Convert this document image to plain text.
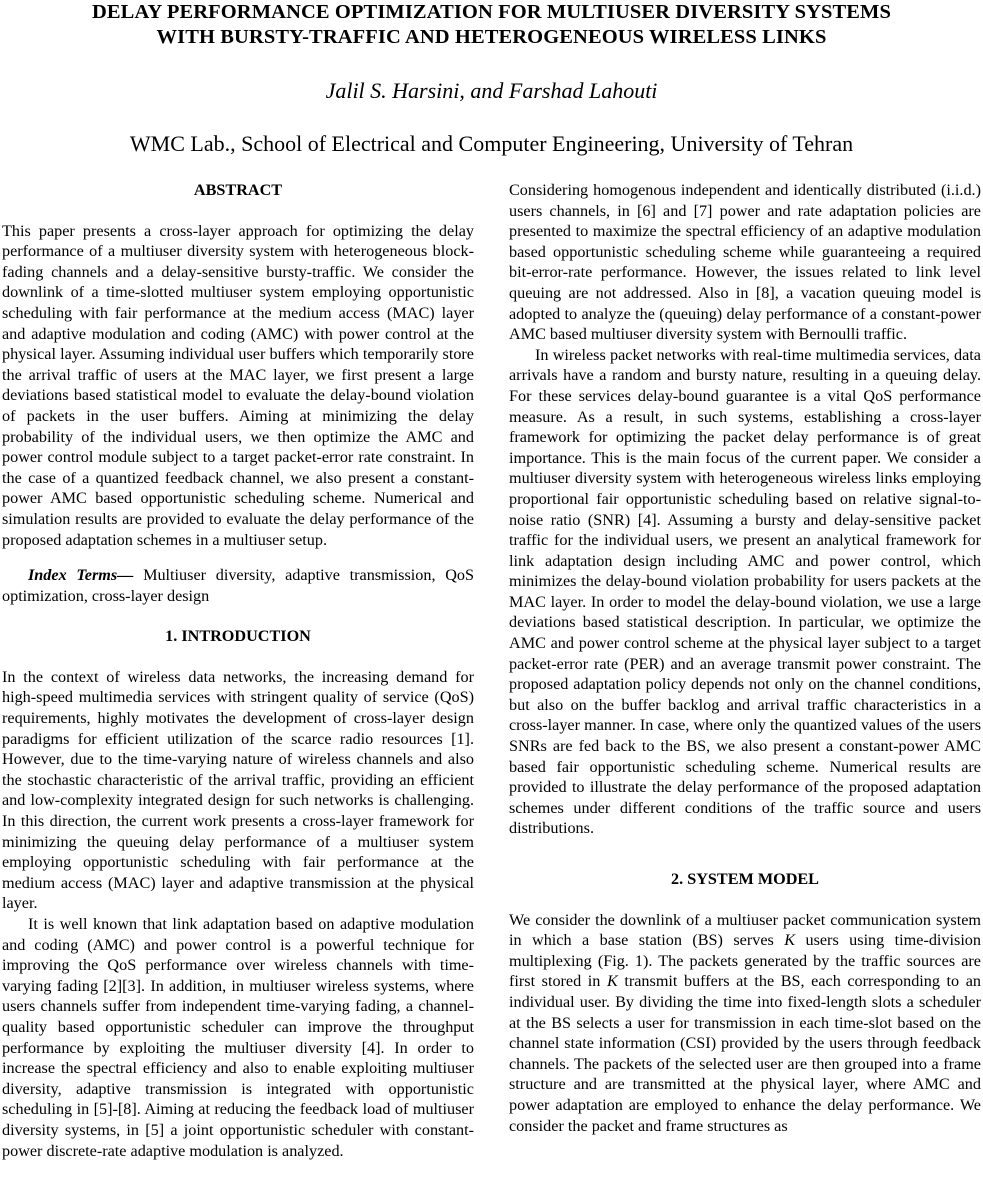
DELAY PERFORMANCE OPTIMIZATION FOR MULTIUSER DIVERSITY SYSTEMS
WITH BURSTY-TRAFFIC AND HETEROGENEOUS WIRELESS LINKS
Jalil S. Harsini, and Farshad Lahouti
WMC Lab., School of Electrical and Computer Engineering, University of Tehran

ABSTRACT

This paper presents a cross-layer approach for optimizing the delay performance of a multiuser diversity system with heterogeneous block-fading channels and a delay-sensitive bursty-traffic. We consider the downlink of a time-slotted multiuser system employing opportunistic scheduling with fair performance at the medium access (MAC) layer and adaptive modulation and coding (AMC) with power control at the physical layer. Assuming individual user buffers which temporarily store the arrival traffic of users at the MAC layer, we first present a large deviations based statistical model to evaluate the delay-bound violation of packets in the user buffers. Aiming at minimizing the delay probability of the individual users, we then optimize the AMC and power control module subject to a target packet-error rate constraint. In the case of a quantized feedback channel, we also present a constant-power AMC based opportunistic scheduling scheme. Numerical and simulation results are provided to evaluate the delay performance of the proposed adaptation schemes in a multiuser setup.

Index Terms— Multiuser diversity, adaptive transmission, QoS optimization, cross-layer design

1. INTRODUCTION

In the context of wireless data networks, the increasing demand for high-speed multimedia services with stringent quality of service (QoS) requirements, highly motivates the development of cross-layer design paradigms for efficient utilization of the scarce radio resources [1]. However, due to the time-varying nature of wireless channels and also the stochastic characteristic of the arrival traffic, providing an efficient and low-complexity integrated design for such networks is challenging. In this direction, the current work presents a cross-layer framework for minimizing the queuing delay performance of a multiuser system employing opportunistic scheduling with fair performance at the medium access (MAC) layer and adaptive transmission at the physical layer.

It is well known that link adaptation based on adaptive modulation and coding (AMC) and power control is a powerful technique for improving the QoS performance over wireless channels with time-varying fading [2][3]. In addition, in multiuser wireless systems, where users channels suffer from independent time-varying fading, a channel-quality based opportunistic scheduler can improve the throughput performance by exploiting the multiuser diversity [4]. In order to increase the spectral efficiency and also to enable exploiting multiuser diversity, adaptive transmission is integrated with opportunistic scheduling in [5]-[8]. Aiming at reducing the feedback load of multiuser diversity systems, in [5] a joint opportunistic scheduler with constant-power discrete-rate adaptive modulation is analyzed.

Considering homogenous independent and identically distributed (i.i.d.) users channels, in [6] and [7] power and rate adaptation policies are presented to maximize the spectral efficiency of an adaptive modulation based opportunistic scheduling scheme while guaranteeing a required bit-error-rate performance. However, the issues related to link level queuing are not addressed. Also in [8], a vacation queuing model is adopted to analyze the (queuing) delay performance of a constant-power AMC based multiuser diversity system with Bernoulli traffic.

In wireless packet networks with real-time multimedia services, data arrivals have a random and bursty nature, resulting in a queuing delay. For these services delay-bound guarantee is a vital QoS performance measure. As a result, in such systems, establishing a cross-layer framework for optimizing the packet delay performance is of great importance. This is the main focus of the current paper. We consider a multiuser diversity system with heterogeneous wireless links employing proportional fair opportunistic scheduling based on relative signal-to-noise ratio (SNR) [4]. Assuming a bursty and delay-sensitive packet traffic for the individual users, we present an analytical framework for link adaptation design including AMC and power control, which minimizes the delay-bound violation probability for users packets at the MAC layer. In order to model the delay-bound violation, we use a large deviations based statistical description. In particular, we optimize the AMC and power control scheme at the physical layer subject to a target packet-error rate (PER) and an average transmit power constraint. The proposed adaptation policy depends not only on the channel conditions, but also on the buffer backlog and arrival traffic characteristics in a cross-layer manner. In case, where only the quantized values of the users SNRs are fed back to the BS, we also present a constant-power AMC based fair opportunistic scheduling scheme. Numerical results are provided to illustrate the delay performance of the proposed adaptation schemes under different conditions of the traffic source and users distributions.

2. SYSTEM MODEL

We consider the downlink of a multiuser packet communication system in which a base station (BS) serves K users using time-division multiplexing (Fig. 1). The packets generated by the traffic sources are first stored in K transmit buffers at the BS, each corresponding to an individual user. By dividing the time into fixed-length slots a scheduler at the BS selects a user for transmission in each time-slot based on the channel state information (CSI) provided by the users through feedback channels. The packets of the selected user are then grouped into a frame structure and are transmitted at the physical layer, where AMC and power adaptation are employed to enhance the delay performance. We consider the packet and frame structures as
